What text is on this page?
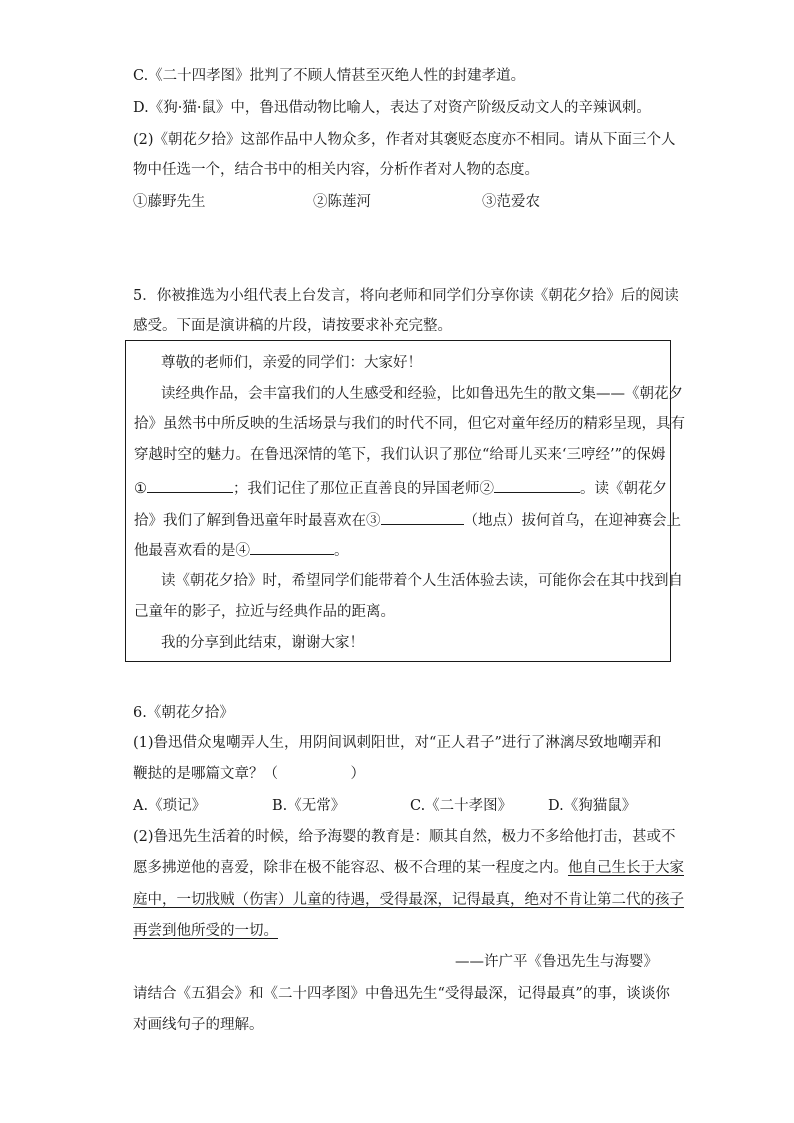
C.《二十四孝图》批判了不顾人情甚至灭绝人性的封建孝道。
D.《狗·猫·鼠》中，鲁迅借动物比喻人，表达了对资产阶级反动文人的辛辣讽刺。
(2)《朝花夕拾》这部作品中人物众多，作者对其褒贬态度亦不相同。请从下面三个人
物中任选一个，结合书中的相关内容，分析作者对人物的态度。
①藤野先生	②陈莲河	③范爱农
5．你被推选为小组代表上台发言，将向老师和同学们分享你读《朝花夕拾》后的阅读
感受。下面是演讲稿的片段，请按要求补充完整。
尊敬的老师们，亲爱的同学们：大家好！
读经典作品，会丰富我们的人生感受和经验，比如鲁迅先生的散文集——《朝花夕
拾》虽然书中所反映的生活场景与我们的时代不同，但它对童年经历的精彩呈现，具有
穿越时空的魅力。在鲁迅深情的笔下，我们认识了那位“给哥儿买来‘三哼经’”的保姆
①	；我们记住了那位正直善良的异国老师②	。读《朝花夕
拾》我们了解到鲁迅童年时最喜欢在③	（地点）拔何首乌，在迎神赛会上
他最喜欢看的是④	。
读《朝花夕拾》时，希望同学们能带着个人生活体验去读，可能你会在其中找到自
己童年的影子，拉近与经典作品的距离。
我的分享到此结束，谢谢大家！
6.《朝花夕拾》
(1)鲁迅借众鬼嘲弄人生，用阴间讽刺阳世，对“正人君子”进行了淋漓尽致地嘲弄和
鞭挞的是哪篇文章？（　　　　　）
A.《琐记》	B.《无常》	C.《二十孝图》 D.《狗猫鼠》
(2)鲁迅先生活着的时候，给予海婴的教育是：顺其自然，极力不多给他打击，甚或不
愿多拂逆他的喜爱，除非在极不能容忍、极不合理的某一程度之内。他自己生长于大家
庭中，一切戕贼（伤害）儿童的待遇，受得最深，记得最真，绝对不肯让第二代的孩子
再尝到他所受的一切。
——许广平《鲁迅先生与海婴》
请结合《五猖会》和《二十四孝图》中鲁迅先生“受得最深，记得最真”的事，谈谈你
对画线句子的理解。
